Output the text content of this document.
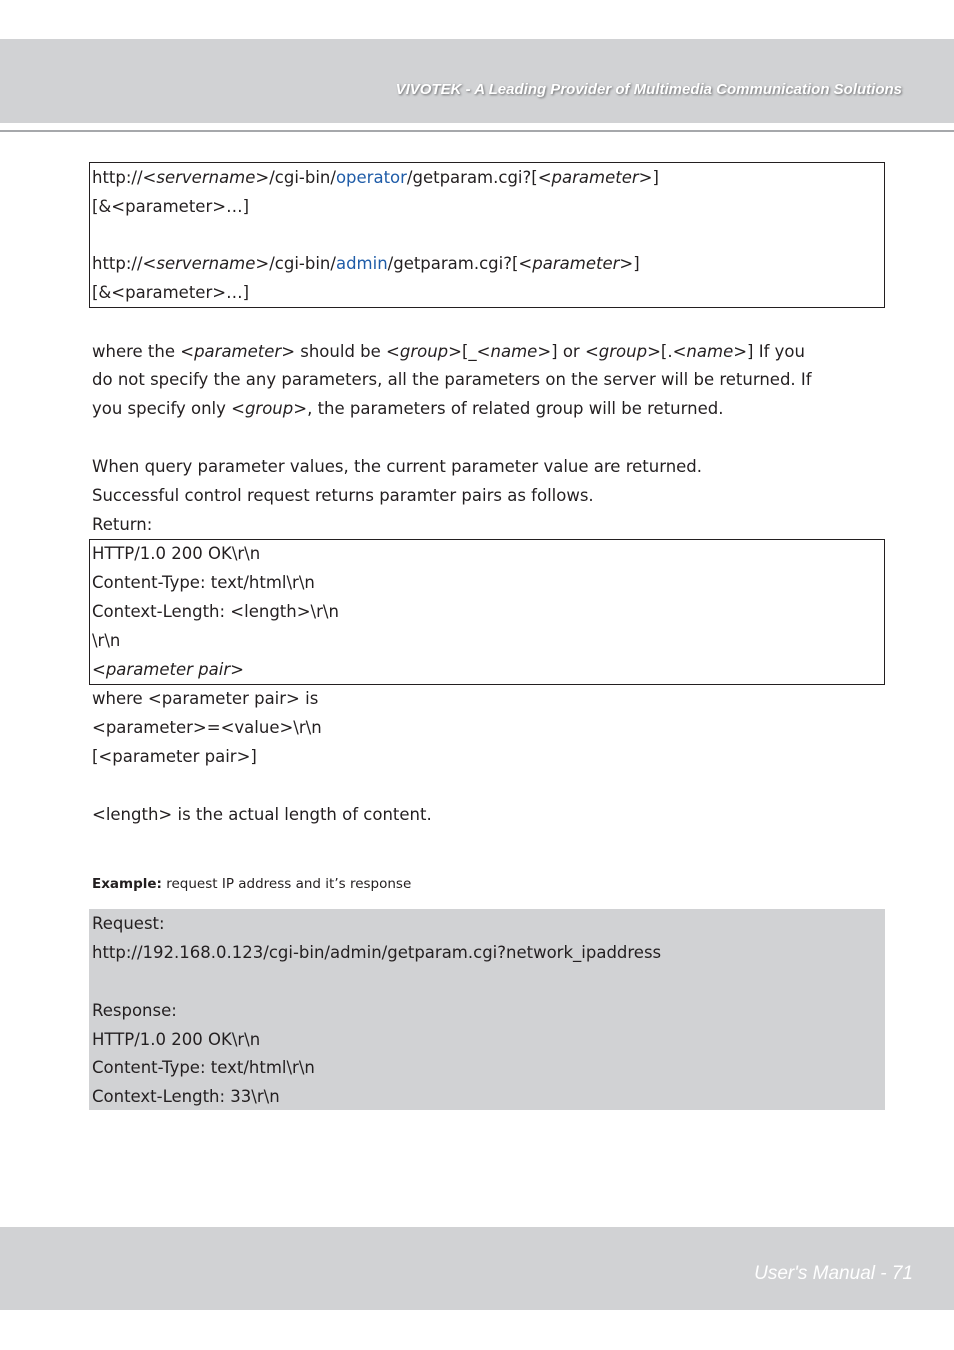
VIVOTEK - A Leading Provider of Multimedia Communication Solutions
http://<servername>/cgi-bin/operator/getparam.cgi?[<parameter>]
[&<parameter>…]
http://<servername>/cgi-bin/admin/getparam.cgi?[<parameter>]
[&<parameter>…]
where the <parameter> should be <group>[_<name>] or <group>[.<name>] If you
do not specify the any parameters, all the parameters on the server will be returned. If
you specify only <group>, the parameters of related group will be returned.
When query parameter values, the current parameter value are returned.
Successful control request returns paramter pairs as follows.
Return:
HTTP/1.0 200 OK\r\n
Content-Type: text/html\r\n
Context-Length: <length>\r\n
\r\n
<parameter pair>
where <parameter pair> is
<parameter>=<value>\r\n
[<parameter pair>]
<length> is the actual length of content.
Example: request IP address and it’s response
Request:
http://192.168.0.123/cgi-bin/admin/getparam.cgi?network_ipaddress
Response:
HTTP/1.0 200 OK\r\n
Content-Type: text/html\r\n
Context-Length: 33\r\n
User's Manual - 71
